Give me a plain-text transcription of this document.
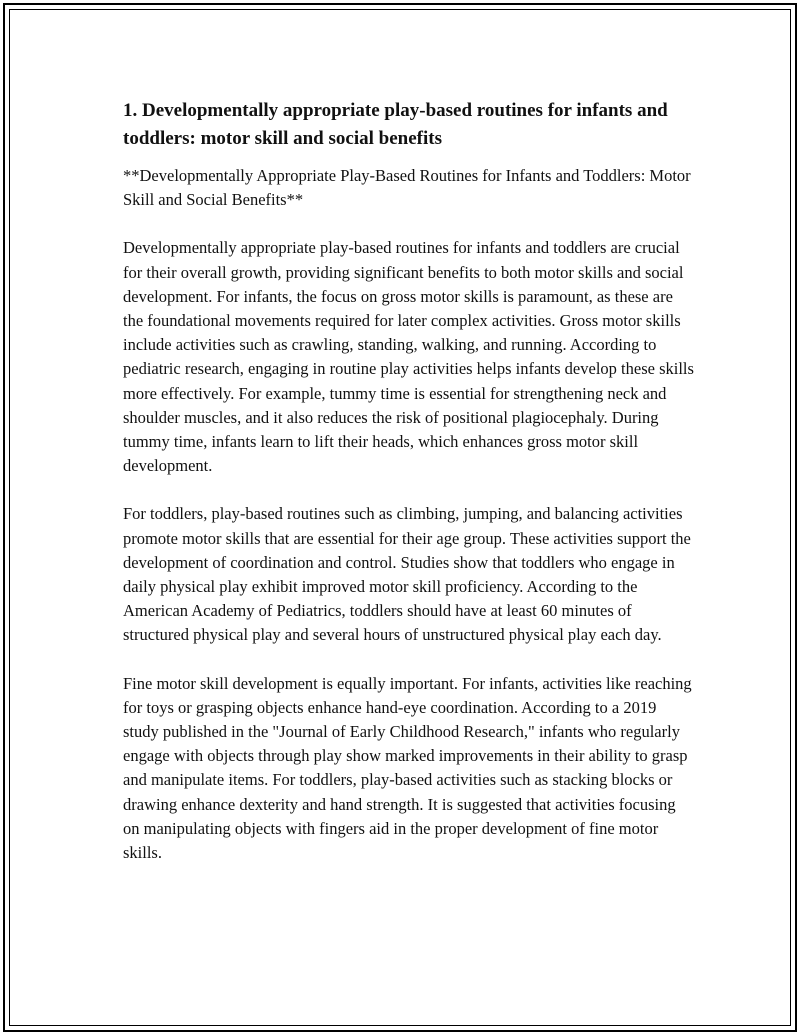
1. Developmentally appropriate play-based routines for infants and toddlers: motor skill and social benefits

**Developmentally Appropriate Play-Based Routines for Infants and Toddlers: Motor Skill and Social Benefits**

Developmentally appropriate play-based routines for infants and toddlers are crucial for their overall growth, providing significant benefits to both motor skills and social development. For infants, the focus on gross motor skills is paramount, as these are the foundational movements required for later complex activities. Gross motor skills include activities such as crawling, standing, walking, and running. According to pediatric research, engaging in routine play activities helps infants develop these skills more effectively. For example, tummy time is essential for strengthening neck and shoulder muscles, and it also reduces the risk of positional plagiocephaly. During tummy time, infants learn to lift their heads, which enhances gross motor skill development.

For toddlers, play-based routines such as climbing, jumping, and balancing activities promote motor skills that are essential for their age group. These activities support the development of coordination and control. Studies show that toddlers who engage in daily physical play exhibit improved motor skill proficiency. According to the American Academy of Pediatrics, toddlers should have at least 60 minutes of structured physical play and several hours of unstructured physical play each day.

Fine motor skill development is equally important. For infants, activities like reaching for toys or grasping objects enhance hand-eye coordination. According to a 2019 study published in the "Journal of Early Childhood Research," infants who regularly engage with objects through play show marked improvements in their ability to grasp and manipulate items. For toddlers, play-based activities such as stacking blocks or drawing enhance dexterity and hand strength. It is suggested that activities focusing on manipulating objects with fingers aid in the proper development of fine motor skills.
